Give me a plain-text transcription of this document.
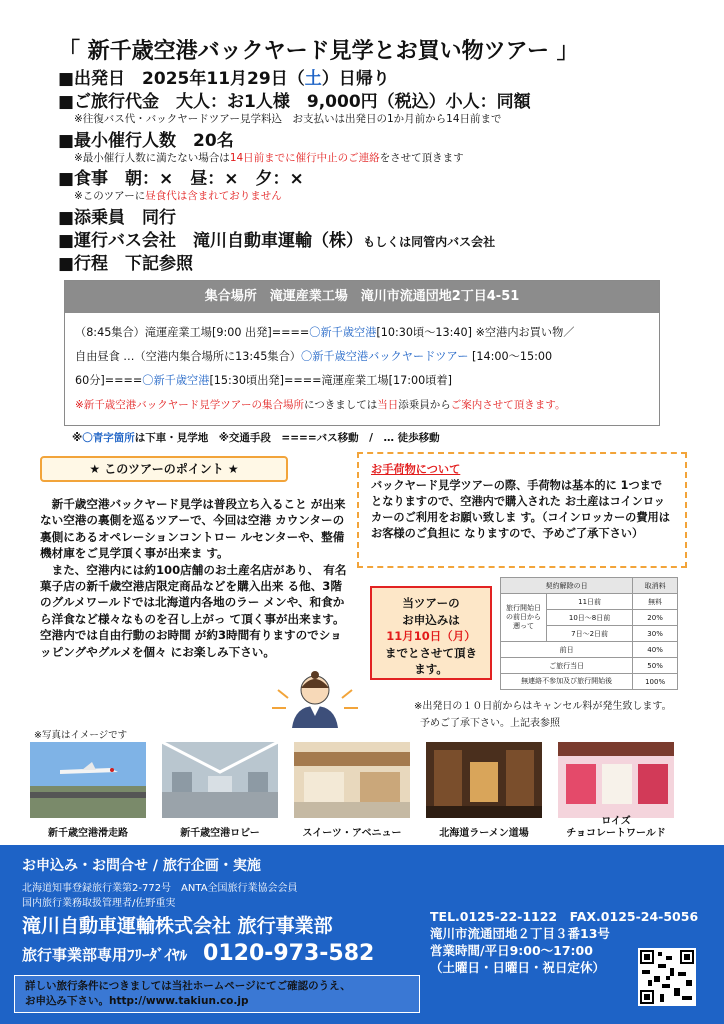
「 新千歳空港バックヤード見学とお買い物ツアー 」
■出発日　2025年11月29日（土）日帰り
■ご旅行代金　大人：お1人様　9,000円（税込）小人：同額
※往復バス代・バックヤードツアー見学料込　お支払いは出発日の1か月前から14日前まで
■最小催行人数　20名
※最小催行人数に満たない場合は14日前までに催行中止のご連絡をさせて頂きます
■食事　朝：×　昼：×　夕：×
※このツアーに昼食代は含まれておりません
■添乗員　同行
■運行バス会社　滝川自動車運輸（株）もしくは同管内バス会社
■行程　下記参照
集合場所　滝運産業工場　滝川市流通団地2丁目4-51
（8:45集合）滝運産業工場[9:00 出発]====〇新千歳空港[10:30頃～13:40] ※空港内お買い物／
自由昼食 …（空港内集合場所に13:45集合）〇新千歳空港バックヤードツアー [14:00～15:00
60分]====〇新千歳空港[15:30頃出発]====滝運産業工場[17:00頃着]
※新千歳空港バックヤード見学ツアーの集合場所につきましては当日添乗員からご案内させて頂きます。
※〇青字箇所は下車・見学地　※交通手段　====バス移動　/　… 徒歩移動
★ このツアーのポイント ★

新千歳空港バックヤード見学は普段立ち入ること が出来ない空港の裏側を巡るツアーで、今回は空港 カウンターの裏側にあるオペレーションコントロー ルセンターや、整備機材庫をご見学頂く事が出来ま す。

また、空港内には約100店舗のお土産名店があり、 有名菓子店の新千歳空港店限定商品などを購入出来 る他、3階のグルメワールドでは北海道内各地のラー メンや、和食から洋食など様々なものを召し上がっ て頂く事が出来ます。空港内では自由行動のお時間 が約3時間有りますのでショッピングやグルメを個々 にお楽しみ下さい。

お手荷物について
バックヤード見学ツアーの際、手荷物は基本的に 1つまでとなりますので、空港内で購入された お土産はコインロッカーのご利用をお願い致しま す。（コインロッカーの費用はお客様のご負担に なりますので、予めご了承下さい）
当ツアーの
お申込みは
11月10日（月）
までとさせて頂き
ます。
契約解除の日		取消料
旅行開始日の前日から遡って	11日前	無料
	10日～8日前	20%
	7日～2日前	30%
前日		40%
ご旅行当日		50%
無連絡不参加及び旅行開始後		100%
※出発日の１０日前からはキャンセル料が発生致します。
予めご了承下さい。上記表参照
※写真はイメージです
新千歳空港滑走路	新千歳空港ロビー	スイーツ・アベニュー	北海道ラーメン道場
ロイズ
チョコレートワールド
お申込み・お問合せ / 旅行企画・実施
北海道知事登録旅行業第2-772号　ANTA全国旅行業協会会員
国内旅行業務取扱管理者/佐野重実
滝川自動車運輸株式会社 旅行事業部
旅行事業部専用ﾌﾘｰﾀﾞｲﾔﾙ 0120-973-582
TEL.0125-22-1122　FAX.0125-24-5056
滝川市流通団地２丁目３番13号
営業時間/平日9:00～17:00
（土曜日・日曜日・祝日定休）
詳しい旅行条件につきましては当社ホームページにてご確認のうえ、
お申込み下さい。http://www.takiun.co.jp
